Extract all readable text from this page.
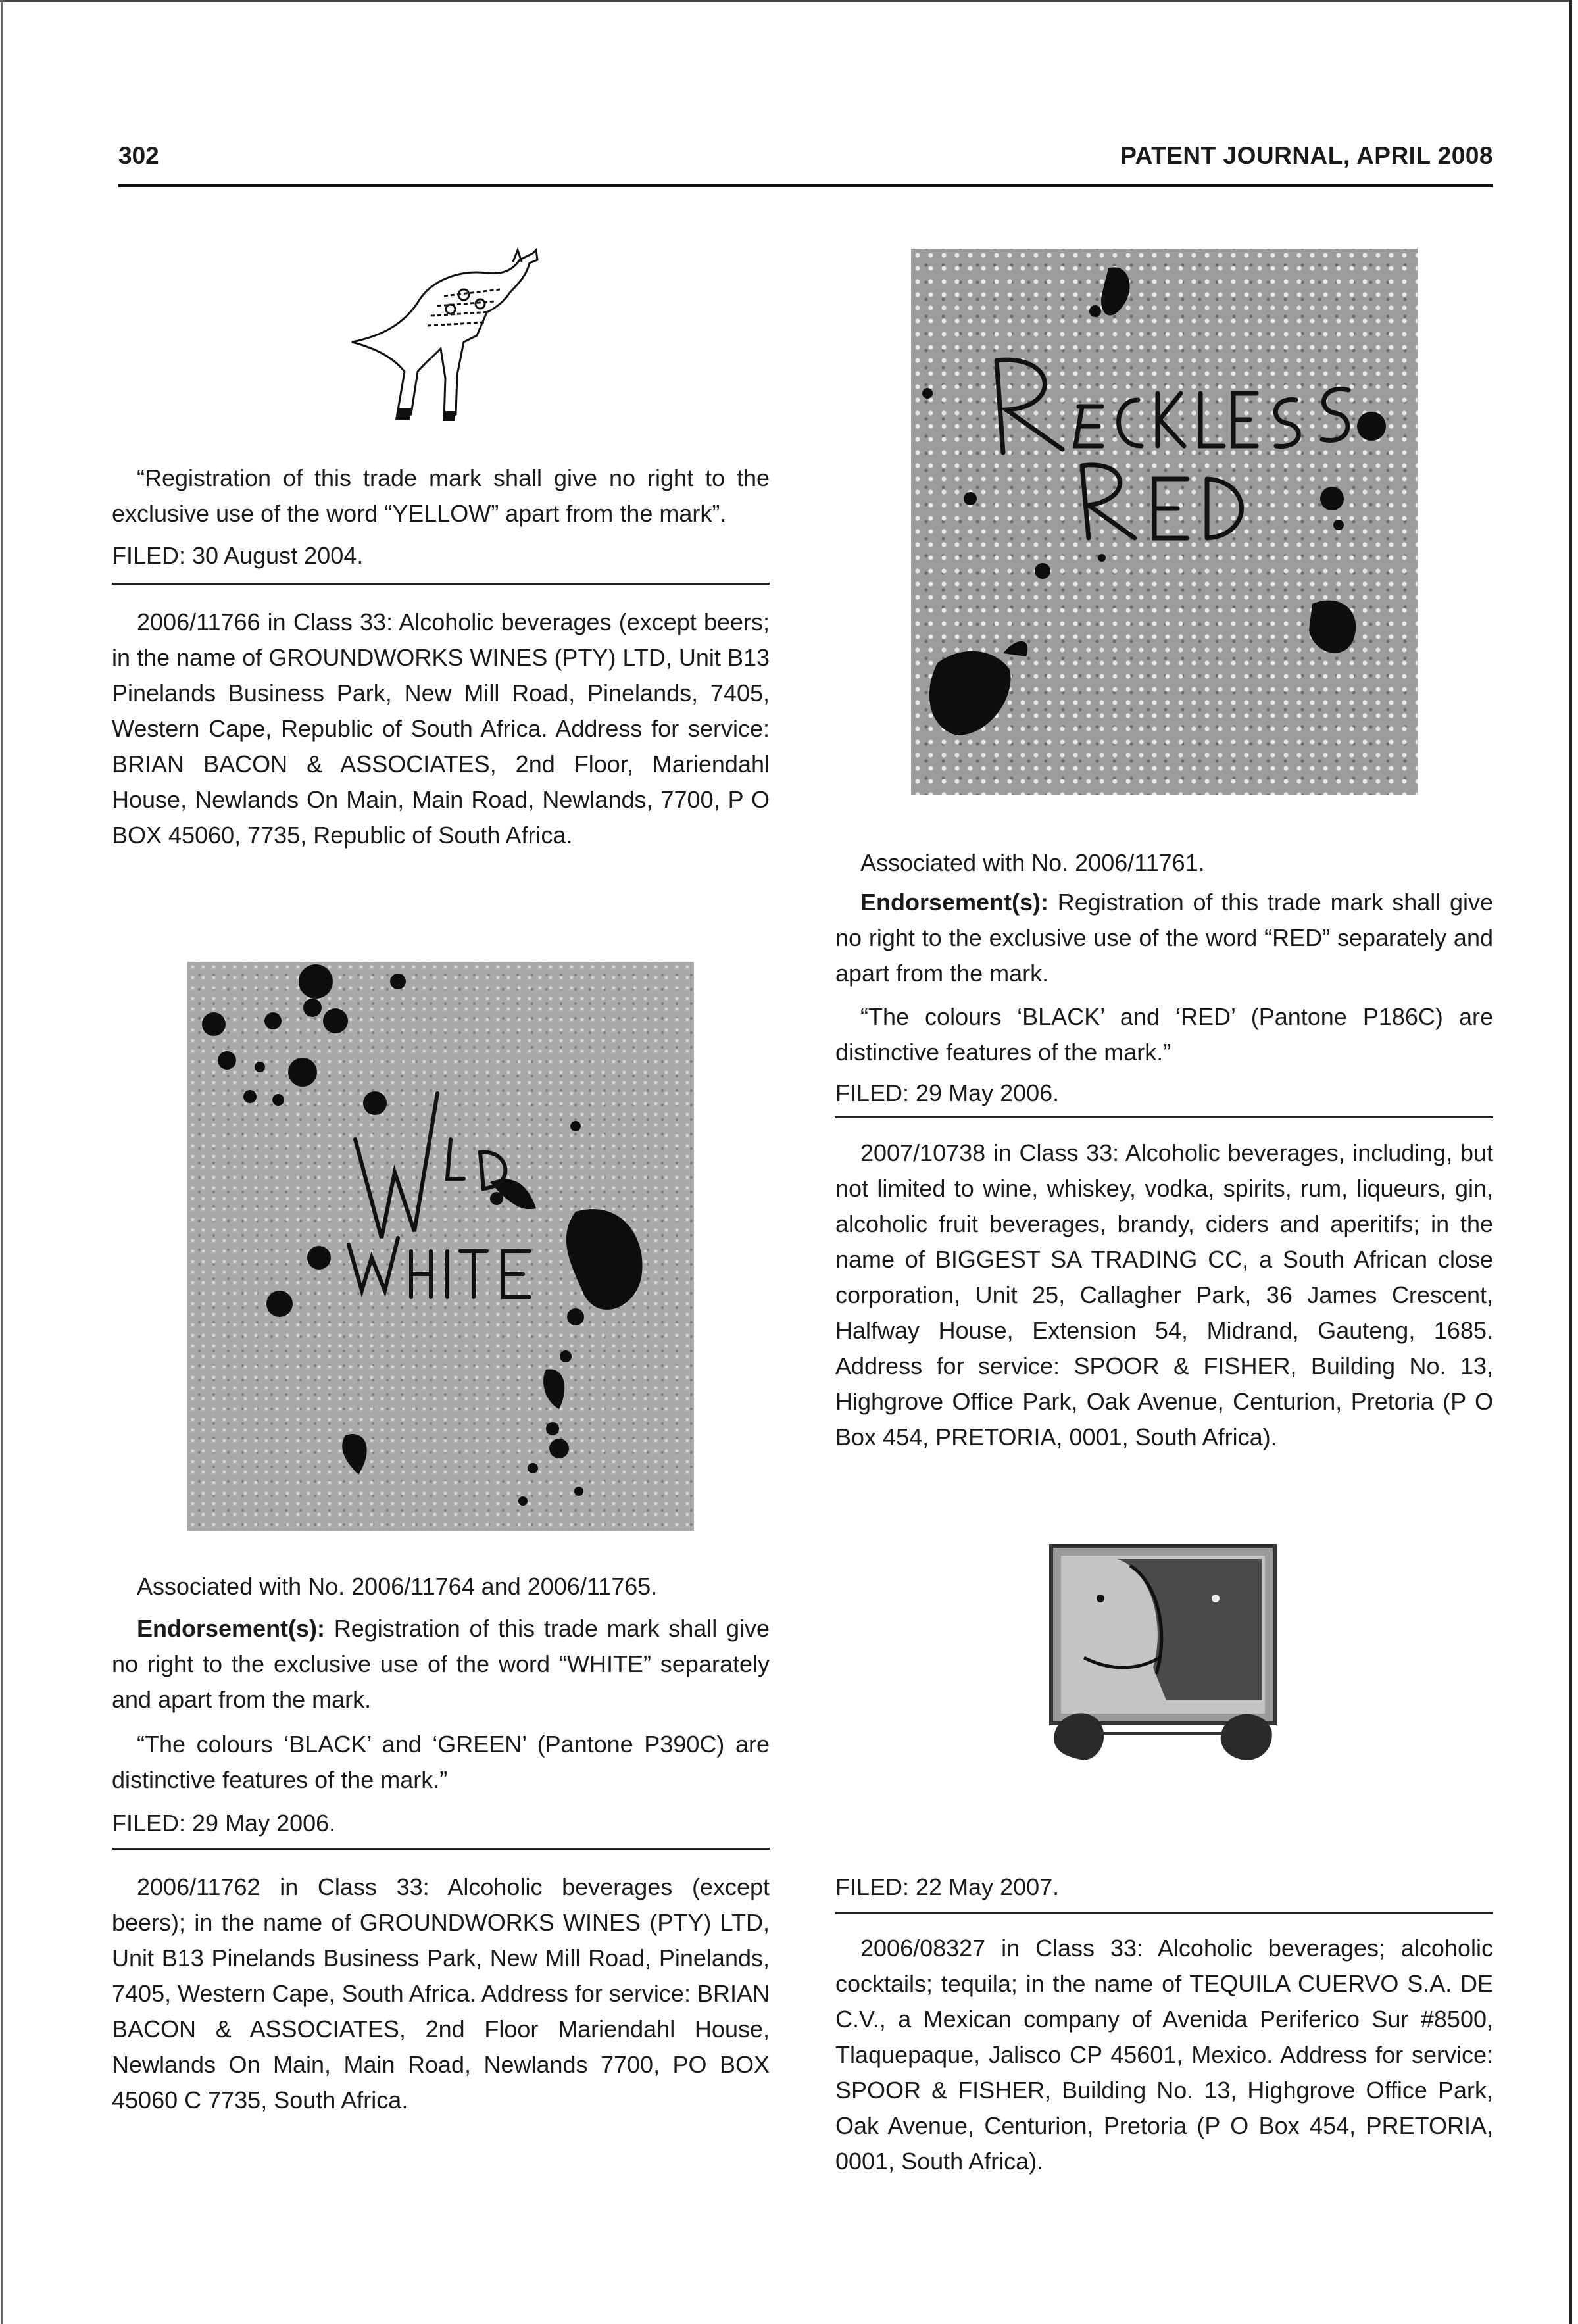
302	PATENT JOURNAL, APRIL 2008

“Registration of this trade mark shall give no right to the exclusive use of the word “YELLOW” apart from the mark”.

FILED: 30 August 2004.

2006/11766 in Class 33: Alcoholic beverages (except beers; in the name of GROUNDWORKS WINES (PTY) LTD, Unit B13 Pinelands Business Park, New Mill Road, Pinelands, 7405, Western Cape, Republic of South Africa. Address for service: BRIAN BACON & ASSOCIATES, 2nd Floor, Mariendahl House, Newlands On Main, Main Road, Newlands, 7700, P O BOX 45060, 7735, Republic of South Africa.

Associated with No. 2006/11764 and 2006/11765.

Endorsement(s): Registration of this trade mark shall give no right to the exclusive use of the word “WHITE” separately and apart from the mark.

“The colours ‘BLACK’ and ‘GREEN’ (Pantone P390C) are distinctive features of the mark.”

FILED: 29 May 2006.

2006/11762 in Class 33: Alcoholic beverages (except beers); in the name of GROUNDWORKS WINES (PTY) LTD, Unit B13 Pinelands Business Park, New Mill Road, Pinelands, 7405, Western Cape, South Africa. Address for service: BRIAN BACON & ASSOCIATES, 2nd Floor Mariendahl House, Newlands On Main, Main Road, Newlands 7700, PO BOX 45060 C 7735, South Africa.

Associated with No. 2006/11761.

Endorsement(s): Registration of this trade mark shall give no right to the exclusive use of the word “RED” separately and apart from the mark.

“The colours ‘BLACK’ and ‘RED’ (Pantone P186C) are distinctive features of the mark.”

FILED: 29 May 2006.

2007/10738 in Class 33: Alcoholic beverages, including, but not limited to wine, whiskey, vodka, spirits, rum, liqueurs, gin, alcoholic fruit beverages, brandy, ciders and aperitifs; in the name of BIGGEST SA TRADING CC, a South African close corporation, Unit 25, Callagher Park, 36 James Crescent, Halfway House, Extension 54, Midrand, Gauteng, 1685. Address for service: SPOOR & FISHER, Building No. 13, Highgrove Office Park, Oak Avenue, Centurion, Pretoria (P O Box 454, PRETORIA, 0001, South Africa).

FILED: 22 May 2007.

2006/08327 in Class 33: Alcoholic beverages; alcoholic cocktails; tequila; in the name of TEQUILA CUERVO S.A. DE C.V., a Mexican company of Avenida Periferico Sur #8500, Tlaquepaque, Jalisco CP 45601, Mexico. Address for service: SPOOR & FISHER, Building No. 13, Highgrove Office Park, Oak Avenue, Centurion, Pretoria (P O Box 454, PRETORIA, 0001, South Africa).
